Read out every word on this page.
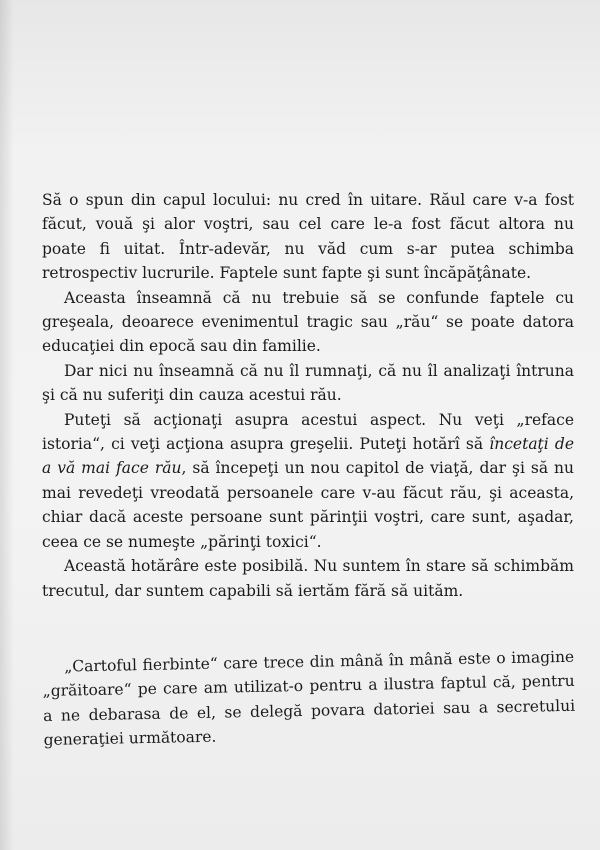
Să o spun din capul locului: nu cred în uitare. Răul care v-a fost făcut, vouă şi alor voştri, sau cel care le-a fost făcut altora nu poate fi uitat. Într-adevăr, nu văd cum s-ar putea schimba retrospectiv lucrurile. Faptele sunt fapte şi sunt încăpăţânate.

Aceasta înseamnă că nu trebuie să se confunde faptele cu greşeala, deoarece evenimentul tragic sau „rău“ se poate datora educaţiei din epocă sau din familie.

Dar nici nu înseamnă că nu îl rumnaţi, că nu îl analizaţi întruna şi că nu suferiţi din cauza acestui rău.

Puteţi să acţionaţi asupra acestui aspect. Nu veţi „reface istoria“, ci veţi acţiona asupra greşelii. Puteţi hotărî să încetaţi de a vă mai face rău, să începeţi un nou capitol de viaţă, dar şi să nu mai revedeţi vreodată persoanele care v-au făcut rău, şi aceasta, chiar dacă aceste persoane sunt părinţii voştri, care sunt, aşadar, ceea ce se numeşte „părinţi toxici“.

Această hotărâre este posibilă. Nu suntem în stare să schimbăm trecutul, dar suntem capabili să iertăm fără să uităm.

„Cartoful fierbinte“ care trece din mână în mână este o imagine „grăitoare“ pe care am utilizat-o pentru a ilustra faptul că, pentru a ne debarasa de el, se delegă povara datoriei sau a secretului generaţiei următoare.
